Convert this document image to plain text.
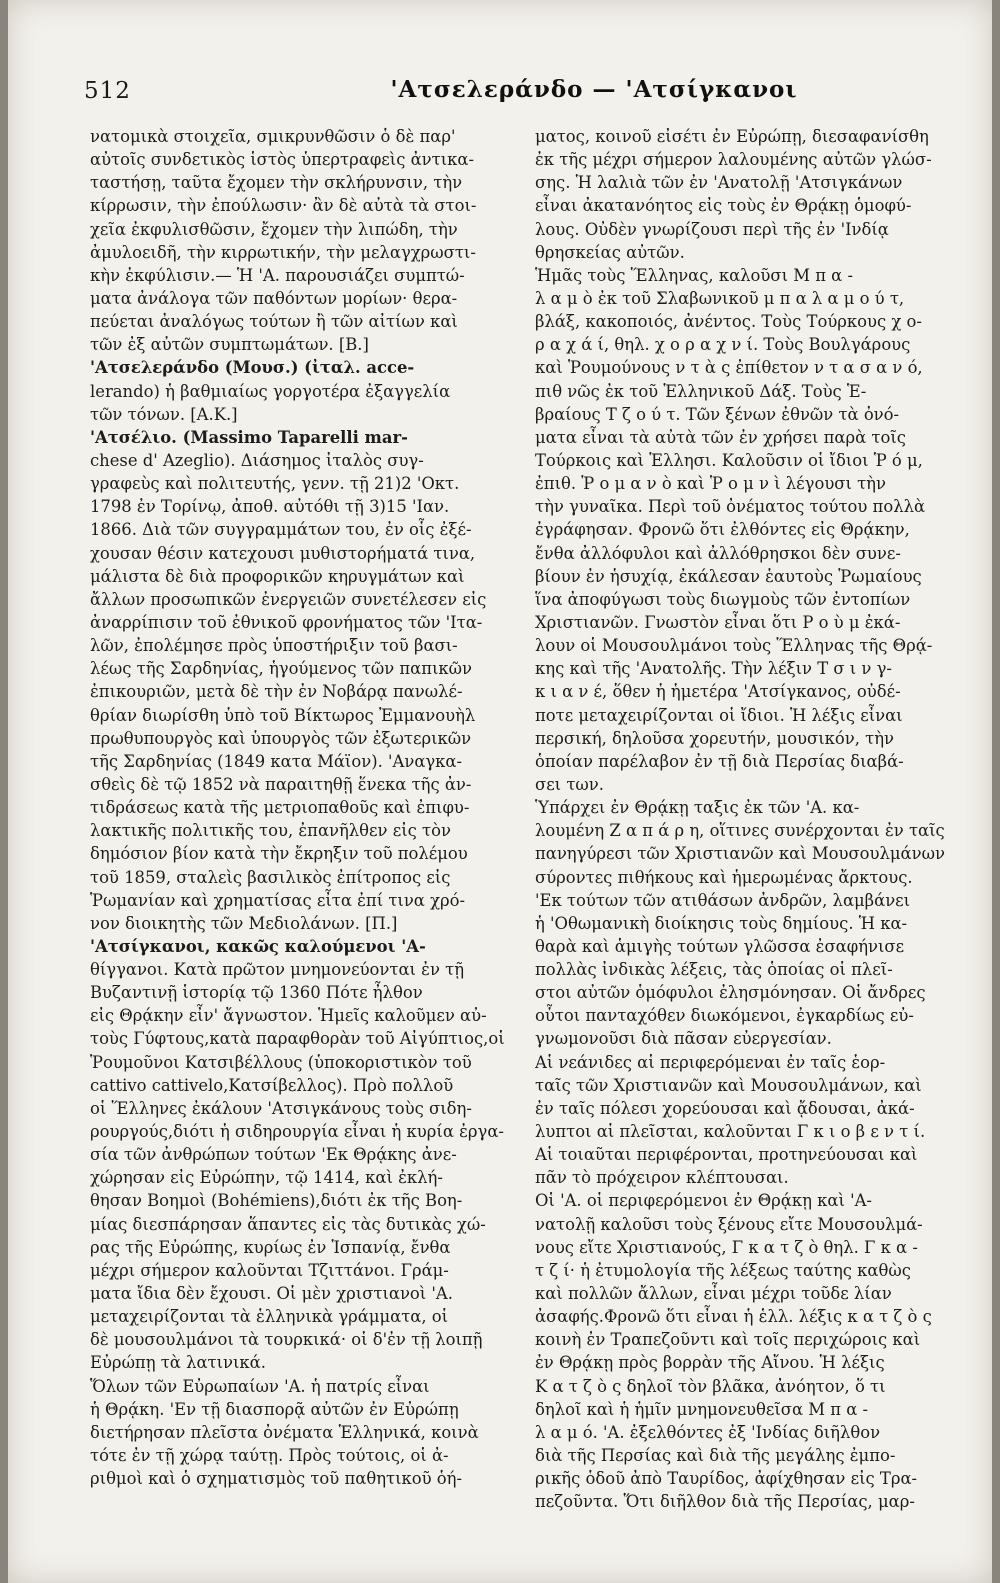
512	'Ατσελεράνδο — 'Ατσίγκανοι
νατομικὰ στοιχεῖα, σμικρυνθῶσιν ὁ δὲ παρ'
αὐτοῖς συνδετικὸς ἱστὸς ὑπερτραφεὶς ἀντικα-
ταστήσῃ, ταῦτα ἔχομεν τὴν σκλήρυνσιν, τὴν
κίρρωσιν, τὴν ἐπούλωσιν· ἂν δὲ αὐτὰ τὰ στοι-
χεῖα ἐκφυλισθῶσιν, ἔχομεν τὴν λιπώδη, τὴν
ἀμυλοειδῆ, τὴν κιρρωτικήν, τὴν μελαγχρωστι-
κὴν ἐκφύλισιν.— Ἡ 'Α. παρουσιάζει συμπτώ-
ματα ἀνάλογα τῶν παθόντων μορίων· θερα-
πεύεται ἀναλόγως τούτων ἢ τῶν αἰτίων καὶ
τῶν ἐξ αὐτῶν συμπτωμάτων. [Β.]
'Ατσελεράνδο (Μουσ.) (ἰταλ. acce-
lerando) ἡ βαθμιαίως γοργοτέρα ἐξαγγελία
τῶν τόνων. [Α.Κ.]
'Ατσέλιο. (Massimo Taparelli mar-
chese d' Azeglio). Διάσημος ἰταλὸς συγ-
γραφεὺς καὶ πολιτευτής, γενν. τῇ 21)2 'Οκτ.
1798 ἐν Τορίνῳ, ἀποθ. αὐτόθι τῇ 3)15 'Ιαν.
1866. Διὰ τῶν συγγραμμάτων του, ἐν οἷς ἐξέ-
χουσαν θέσιν κατεχουσι μυθιστορήματά τινα,
μάλιστα δὲ διὰ προφορικῶν κηρυγμάτων καὶ
ἄλλων προσωπικῶν ἐνεργειῶν συνετέλεσεν εἰς
ἀναρρίπισιν τοῦ ἐθνικοῦ φρονήματος τῶν 'Ιτα-
λῶν, ἐπολέμησε πρὸς ὑποστήριξιν τοῦ βασι-
λέως τῆς Σαρδηνίας, ἡγούμενος τῶν παπικῶν
ἐπικουριῶν, μετὰ δὲ τὴν ἐν Νοβάρᾳ πανωλέ-
θρίαν διωρίσθη ὑπὸ τοῦ Βίκτωρος Ἐμμανουὴλ
πρωθυπουργὸς καὶ ὑπουργὸς τῶν ἐξωτερικῶν
τῆς Σαρδηνίας (1849 κατα Μάϊον). 'Αναγκα-
σθεὶς δὲ τῷ 1852 νὰ παραιτηθῇ ἕνεκα τῆς ἀν-
τιδράσεως κατὰ τῆς μετριοπαθοῦς καὶ ἐπιφυ-
λακτικῆς πολιτικῆς του, ἐπανῆλθεν εἰς τὸν
δημόσιον βίον κατὰ τὴν ἔκρηξιν τοῦ πολέμου
τοῦ 1859, σταλεὶς βασιλικὸς ἐπίτροπος εἰς
Ῥωμανίαν καὶ χρηματίσας εἶτα ἐπί τινα χρό-
νον διοικητὴς τῶν Μεδιολάνων. [Π.]
'Ατσίγκανοι, κακῶς καλούμενοι 'Α-
θίγγανοι. Κατὰ πρῶτον μνημονεύονται ἐν τῇ
Βυζαντινῇ ἱστορίᾳ τῷ 1360 Πότε ἦλθον
εἰς Θρᾴκην εἶν' ἄγνωστον. Ἡμεῖς καλοῦμεν αὐ-
τοὺς Γύφτους,κατὰ παραφθορὰν τοῦ Αἰγύπτιος,οἱ
Ῥουμοῦνοι Κατσιβέλλους (ὑποκοριστικὸν τοῦ
cattivo cattivelo,Κατσίβελλος). Πρὸ πολλοῦ
οἱ Ἕλληνες ἐκάλουν 'Ατσιγκάνους τοὺς σιδη-
ρουργούς,διότι ἡ σιδηρουργία εἶναι ἡ κυρία ἐργα-
σία τῶν ἀνθρώπων τούτων 'Εκ Θρᾴκης ἀνε-
χώρησαν εἰς Εὐρώπην, τῷ 1414, καὶ ἐκλή-
θησαν Βοημοὶ (Bohémiens),διότι ἐκ τῆς Βοη-
μίας διεσπάρησαν ἅπαντες εἰς τὰς δυτικὰς χώ-
ρας τῆς Εὐρώπης, κυρίως ἐν Ἱσπανίᾳ, ἔνθα
μέχρι σήμερον καλοῦνται Τζιττάνοι. Γράμ-
ματα ἴδια δὲν ἔχουσι. Οἱ μὲν χριστιανοὶ 'Α.
μεταχειρίζονται τὰ ἑλληνικὰ γράμματα, οἱ
δὲ μουσουλμάνοι τὰ τουρκικά· οἱ δ'ἐν τῇ λοιπῇ
Εὐρώπῃ τὰ λατινικά.
Ὅλων τῶν Εὐρωπαίων 'Α. ἡ πατρίς εἶναι
ἡ Θρᾴκη. 'Εν τῇ διασπορᾷ αὐτῶν ἐν Εὐρώπῃ
διετήρησαν πλεῖστα ὀνέματα Ἑλληνικά, κοινὰ
τότε ἐν τῇ χώρᾳ ταύτῃ. Πρὸς τούτοις, οἱ ἀ-
ριθμοὶ καὶ ὁ σχηματισμὸς τοῦ παθητικοῦ ὁή-
ματος, κοινοῦ εἰσέτι ἐν Εὐρώπῃ, διεσαφανίσθη
ἐκ τῆς μέχρι σήμερον λαλουμένης αὐτῶν γλώσ-
σης. Ἡ λαλιὰ τῶν ἐν 'Ανατολῇ 'Ατσιγκάνων
εἶναι ἀκατανόητος εἰς τοὺς ἐν Θρᾴκῃ ὁμοφύ-
λους. Οὐδὲν γνωρίζουσι περὶ τῆς ἐν 'Ινδίᾳ
θρησκείας αὐτῶν.
Ἡμᾶς τοὺς Ἕλληνας, καλοῦσι Μ π α -
λ α μ ὸ ἐκ τοῦ Σλαβωνικοῦ μ π α λ α μ ο ύ τ,
βλάξ, κακοποιός, ἀνέντος. Τοὺς Τούρκους χ ο-
ρ α χ ά ί, θηλ. χ ο ρ α χ ν ί. Τοὺς Βουλγάρους
καὶ Ῥουμούνους ν τ ὰ ς ἐπίθετον ν τ α σ α ν ό,
πιθ νῶς ἐκ τοῦ Ἑλληνικοῦ Δάξ. Τοὺς Ἑ-
βραίους Τ ζ ο ύ τ. Τῶν ξένων ἐθνῶν τὰ ὀνό-
ματα εἶναι τὰ αὐτὰ τῶν ἐν χρήσει παρὰ τοῖς
Τούρκοις καὶ Ἑλλησι. Καλοῦσιν οἱ ἴδιοι Ῥ ό μ,
ἐπιθ. Ῥ ο μ α ν ὸ καὶ Ῥ ο μ ν ὶ λέγουσι τὴν
τὴν γυναῖκα. Περὶ τοῦ ὀνέματος τούτου πολλὰ
ἐγράφησαν. Φρονῶ ὅτι ἐλθόντες εἰς Θρᾴκην,
ἔνθα ἀλλόφυλοι καὶ ἀλλόθρησκοι δὲν συνε-
βίουν ἐν ἡσυχίᾳ, ἐκάλεσαν ἑαυτοὺς Ῥωμαίους
ἵνα ἀποφύγωσι τοὺς διωγμοὺς τῶν ἐντοπίων
Χριστιανῶν. Γνωστὸν εἶναι ὅτι Ρ ο ὺ μ ἐκά-
λουν οἱ Μουσουλμάνοι τοὺς Ἕλληνας τῆς Θρᾴ-
κης καὶ τῆς 'Ανατολῆς. Τὴν λέξιν Τ σ ι ν γ-
κ ι α ν έ, ὅθεν ἡ ἡμετέρα 'Ατσίγκανος, οὐδέ-
ποτε μεταχειρίζονται οἱ ἴδιοι. Ἡ λέξις εἶναι
περσική, δηλοῦσα χορευτήν, μουσικόν, τὴν
ὁποίαν παρέλαβον ἐν τῇ διὰ Περσίας διαβά-
σει των.
Ὑπάρχει ἐν Θρᾴκῃ ταξις ἐκ τῶν 'Α. κα-
λουμένη Ζ α π ά ρ η, οἵτινες συνέρχονται ἐν ταῖς
πανηγύρεσι τῶν Χριστιανῶν καὶ Μουσουλμάνων
σύροντες πιθήκους καὶ ἡμερωμένας ἄρκτους.
'Εκ τούτων τῶν ατιθάσων ἀνδρῶν, λαμβάνει
ἡ 'Οθωμανικὴ διοίκησις τοὺς δημίους. Ἡ κα-
θαρὰ καὶ ἁμιγὴς τούτων γλῶσσα ἐσαφήνισε
πολλὰς ἰνδικὰς λέξεις, τὰς ὁποίας οἱ πλεῖ-
στοι αὐτῶν ὁμόφυλοι ἐλησμόνησαν. Οἱ ἄνδρες
οὗτοι πανταχόθεν διωκόμενοι, ἐγκαρδίως εὐ-
γνωμονοῦσι διὰ πᾶσαν εὐεργεσίαν.
Αἱ νεάνιδες αἱ περιφερόμεναι ἐν ταῖς ἑορ-
ταῖς τῶν Χριστιανῶν καὶ Μουσουλμάνων, καὶ
ἐν ταῖς πόλεσι χορεύουσαι καὶ ᾄδουσαι, ἀκά-
λυπτοι αἱ πλεῖσται, καλοῦνται Γ κ ι ο β ε ν τ ί.
Αἱ τοιαῦται περιφέρονται, προτηνεύουσαι καὶ
πᾶν τὸ πρόχειρον κλέπτουσαι.
Οἱ 'Α. οἱ περιφερόμενοι ἐν Θρᾴκῃ καὶ 'Α-
νατολῇ καλοῦσι τοὺς ξένους εἴτε Μουσουλμά-
νους εἴτε Χριστιανούς, Γ κ α τ ζ ὸ θηλ. Γ κ α -
τ ζ ί· ἡ ἐτυμολογία τῆς λέξεως ταύτης καθὼς
καὶ πολλῶν ἄλλων, εἶναι μέχρι τοῦδε λίαν
ἀσαφής.Φρονῶ ὅτι εἶναι ἡ ἑλλ. λέξις κ α τ ζ ὸ ς
κοινὴ ἐν Τραπεζοῦντι καὶ τοῖς περιχώροις καὶ
ἐν Θρᾴκῃ πρὸς βορρὰν τῆς Αἴνου. Ἡ λέξις
Κ α τ ζ ὸ ς δηλοῖ τὸν βλᾶκα, ἀνόητον, ὅ τι
δηλοῖ καὶ ἡ ἡμῖν μνημονευθεῖσα Μ π α -
λ α μ ό. 'Α. ἐξελθόντες ἐξ 'Ινδίας διῆλθον
διὰ τῆς Περσίας καὶ διὰ τῆς μεγάλης ἐμπο-
ρικῆς ὁδοῦ ἀπὸ Ταυρίδος, ἀφίχθησαν εἰς Τρα-
πεζοῦντα. Ὅτι διῆλθον διὰ τῆς Περσίας, μαρ-
